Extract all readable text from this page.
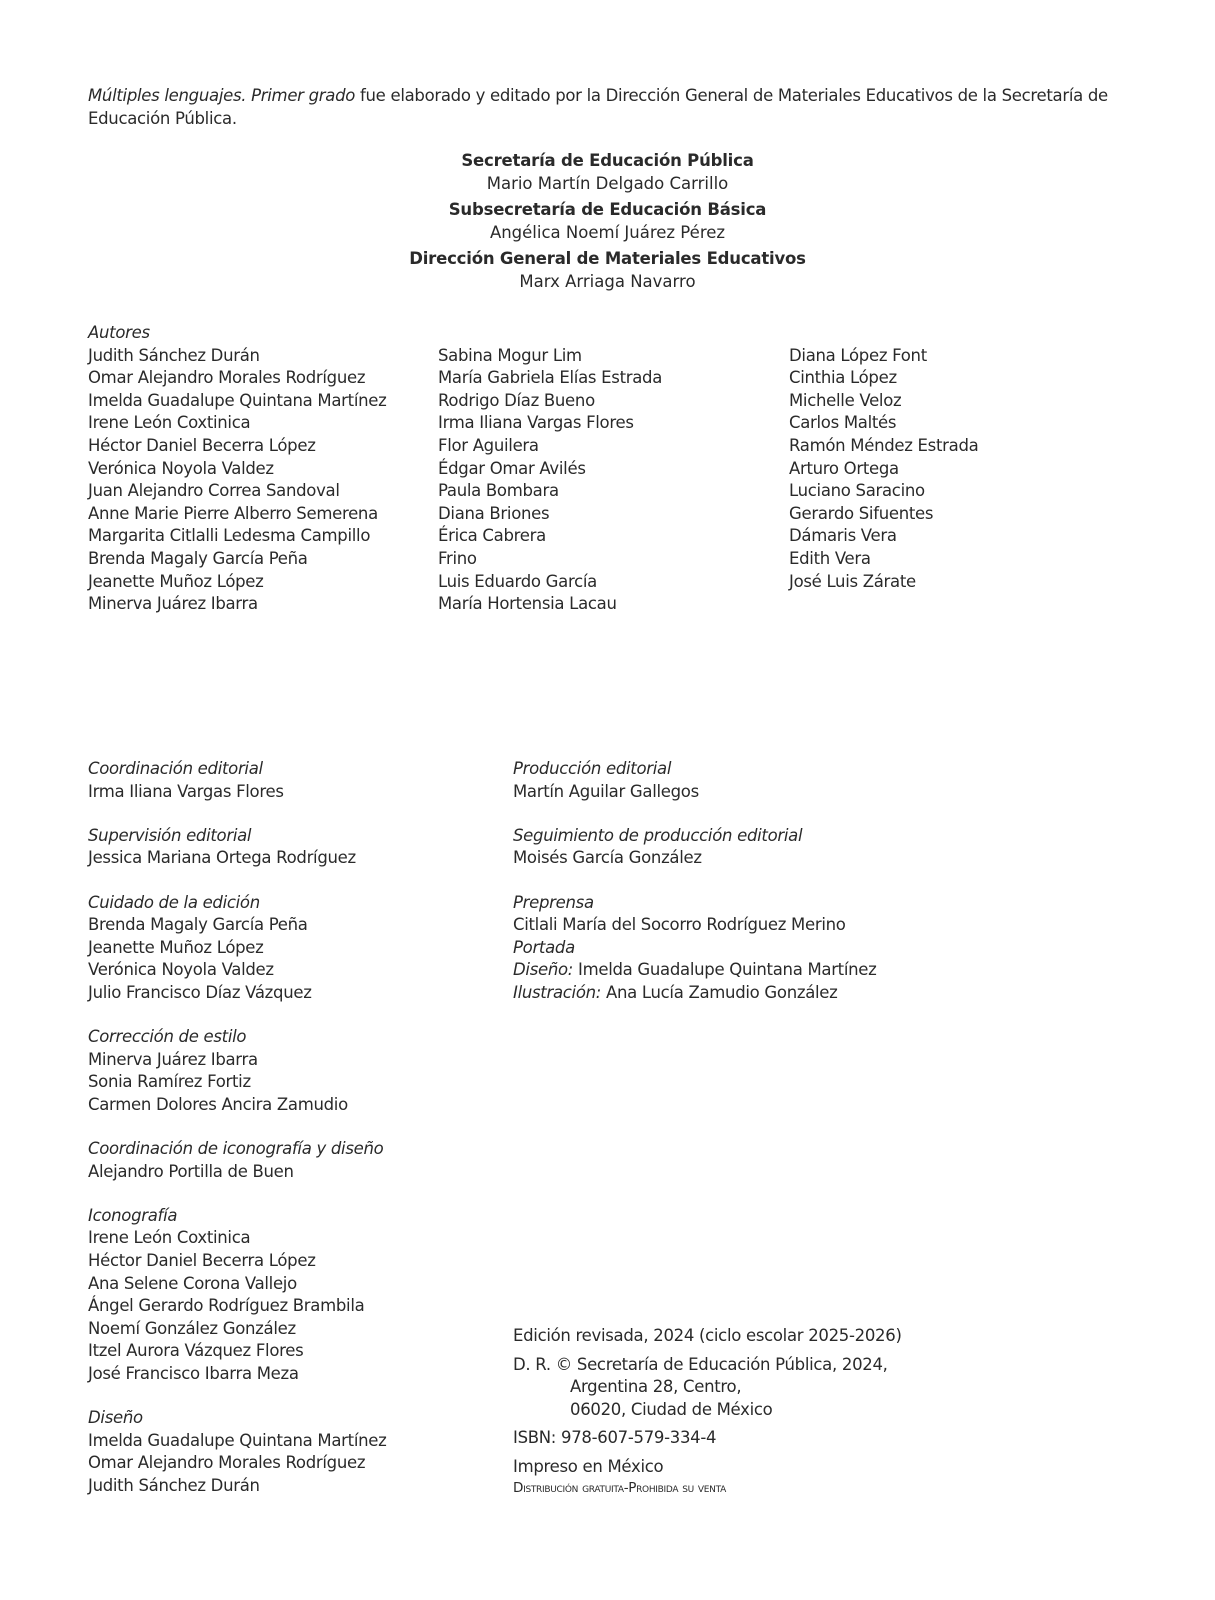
Múltiples lenguajes. Primer grado fue elaborado y editado por la Dirección General de Materiales Educativos de la Secretaría de Educación Pública.
Secretaría de Educación Pública
Mario Martín Delgado Carrillo
Subsecretaría de Educación Básica
Angélica Noemí Juárez Pérez
Dirección General de Materiales Educativos
Marx Arriaga Navarro
Autores
Judith Sánchez Durán
Omar Alejandro Morales Rodríguez
Imelda Guadalupe Quintana Martínez
Irene León Coxtinica
Héctor Daniel Becerra López
Verónica Noyola Valdez
Juan Alejandro Correa Sandoval
Anne Marie Pierre Alberro Semerena
Margarita Citlalli Ledesma Campillo
Brenda Magaly García Peña
Jeanette Muñoz López
Minerva Juárez Ibarra
Sabina Mogur Lim
María Gabriela Elías Estrada
Rodrigo Díaz Bueno
Irma Iliana Vargas Flores
Flor Aguilera
Édgar Omar Avilés
Paula Bombara
Diana Briones
Érica Cabrera
Frino
Luis Eduardo García
María Hortensia Lacau
Diana López Font
Cinthia López
Michelle Veloz
Carlos Maltés
Ramón Méndez Estrada
Arturo Ortega
Luciano Saracino
Gerardo Sifuentes
Dámaris Vera
Edith Vera
José Luis Zárate
Coordinación editorial
Irma Iliana Vargas Flores
Supervisión editorial
Jessica Mariana Ortega Rodríguez
Cuidado de la edición
Brenda Magaly García Peña
Jeanette Muñoz López
Verónica Noyola Valdez
Julio Francisco Díaz Vázquez
Corrección de estilo
Minerva Juárez Ibarra
Sonia Ramírez Fortiz
Carmen Dolores Ancira Zamudio
Coordinación de iconografía y diseño
Alejandro Portilla de Buen
Iconografía
Irene León Coxtinica
Héctor Daniel Becerra López
Ana Selene Corona Vallejo
Ángel Gerardo Rodríguez Brambila
Noemí González González
Itzel Aurora Vázquez Flores
José Francisco Ibarra Meza
Diseño
Imelda Guadalupe Quintana Martínez
Omar Alejandro Morales Rodríguez
Judith Sánchez Durán
Producción editorial
Martín Aguilar Gallegos
Seguimiento de producción editorial
Moisés García González
Preprensa
Citlali María del Socorro Rodríguez Merino
Portada
Diseño: Imelda Guadalupe Quintana Martínez
Ilustración: Ana Lucía Zamudio González

Edición revisada, 2024 (ciclo escolar 2025-2026)

D. R. © Secretaría de Educación Pública, 2024,
Argentina 28, Centro,

06020, Ciudad de México

ISBN: 978-607-579-334-4

Impreso en México
Distribución gratuita-Prohibida su venta
